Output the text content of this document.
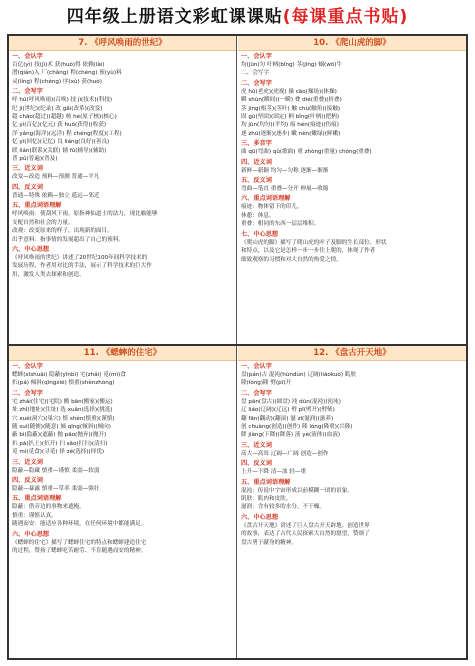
四年级上册语文彩虹课课贴(每课重点书贴)
7. 《呼风唤雨的世纪》
一、会认字
百亿(yì) 技(jì)术 获(huò)得 依赖(lài)
潜(qián)入 厂(chǎng) 程(chéng) 预(yù)料
灵(líng) 程(chéng) 序(xù) 获(huò)
二、会写字
呼 hū(呼风唤雨)(召唤) 技 jì(技术)(科技)
纪 jì(世纪)(纪录) 改 gǎi(改革)(改变)
超 chāo(超过)(超越) 核 hé(原子核)(核心)
亿 yì(百亿)(亿元) 获 huò(获得)(收获)
洋 yáng(海洋)(远洋) 程 chéng(程度)(工程)
忆 yì(回忆)(记忆) 良 liáng(良好)(善良)
联 lián(联系)(关联) 辅 fǔ(辅导)(辅助)
普 pǔ(普遍)(普及)
三、近义词
改变—改造 预料—预测 普通—平凡
四、反义词
普通—特殊 依赖—独立 遥远—邻近
五、重点词语理解
呼风唤雨：使刮风下雨。原指神仙道士的法力，现比喻能够
支配自然和社会的力量。
改观：改变原来的样子，出现新的面目。
出乎意料：指事情的发展超出了自己的预料。
六、中心思想
《呼风唤雨的世纪》讲述了20世纪100年间科学技术的
发展历程，作者用对比的手法，展示了科学技术的巨大作
用，激发人类去探索和创造。
10. 《爬山虎的脚》
一、会认字
均(jūn)匀 叶柄(bǐng) 茎(jīng) 蜗(wō)牛
二、会写字
二、会写字
虎 hǔ(老虎)(虎视) 操 cāo(操场)(体操)
瞬 shùn(瞬间)(一瞬) 叠 dié(重叠)(折叠)
茎 jīng(根茎)(茎叶) 触 chù(触角)(接触)
固 gù(坚固)(固定) 柄 bǐng(叶柄)(把柄)
均 jūn(均匀)(平均) 痕 hén(痕迹)(伤痕)
逐 zhú(逐渐)(逐步) 嫩 nèn(嫩绿)(鲜嫩)
三、多音字
曲 qū(弯曲) qǔ(歌曲) 重 zhòng(重量) chóng(重叠)
四、近义词
新鲜—新颖 均匀—匀称 逐渐—渐渐
五、反义词
弯曲—笔直 重叠—分开 伸展—收缩
六、重点词语理解
痕迹：物体留下的印儿。
休憩：休息。
重叠：相同的东西一层层堆积。
七、中心思想
《爬山虎的脚》描写了爬山虎的叶子及脚的生长部位、形状
和特点，以及它是怎样一步一步往上爬的，体现了作者
细致观察的习惯和对大自然的热爱之情。
11. 《蟋蟀的住宅》
一、会认字
蟋蟀(xīshuài) 隐蔽(yǐnbì) 宅(zhái) 觅(mì)食
扒(pá) 倾斜(qīngxié) 慎重(shènzhòng)
二、会写字
宅 zhái(住宅)(宅院) 搬 bān(搬家)(搬运)
址 zhǐ(地址)(住址) 选 xuǎn(选择)(挑选)
穴 xué(洞穴)(巢穴) 慎 shèn(慎重)(谨慎)
随 suí(随便)(随意) 倾 qīng(倾斜)(倾向)
蔽 bì(隐蔽)(遮蔽) 抛 pāo(抛弃)(抛开)
扒 pá(扒土)(扒开) 扫 sǎo(打扫)(清扫)
觅 mì(觅食)(寻觅) 择 zé(选择)(择优)
三、近义词
隐蔽—隐藏 慎重—谨慎 柔弱—软弱
四、反义词
隐蔽—暴露 慎重—草率 柔弱—强壮
五、重点词语理解
隐蔽：借旁边的事物来遮掩。
慎重：谨慎认真。
随遇而安：能适应各种环境，在任何环境中都能满足。
六、中心思想
《蟋蟀的住宅》描写了蟋蟀住宅的特点和蟋蟀建造住宅
的过程，赞扬了蟋蟀吃苦耐劳、不肯随遇而安的精神。
12. 《盘古开天地》
一、会认字
盘(pán)古 混沌(hùndùn) 辽阔(liáokuò) 肌肤
隆(lóng)隆 劈(pī)开
二、会写字
盘 pán(盘古)(圆盘) 沌 dùn(混沌)(沌沌)
辽 liáo(辽阔)(辽远) 劈 pī(劈开)(劈柴)
翻 fān(翻动)(翻滚) 滋 zī(滋润)(滋养)
创 chuàng(创造)(创作) 隆 lóng(隆重)(兴隆)
降 jiàng(下降)(降落) 液 yè(液体)(血液)
三、近义词
高大—高耸 辽阔—广阔 创造—创作
四、反义词
上升—下降 清—浊 轻—重
五、重点词语理解
混沌：传说中宇宙形成以前模糊一团的景象。
肌肤：肌肉和皮肤。
滋润：含有较多的水分，不干燥。
六、中心思想
《盘古开天地》讲述了巨人盘古开天辟地、创造世界
的故事，表达了古代人民探索大自然的愿望，赞颂了
盘古勇于献身的精神。
